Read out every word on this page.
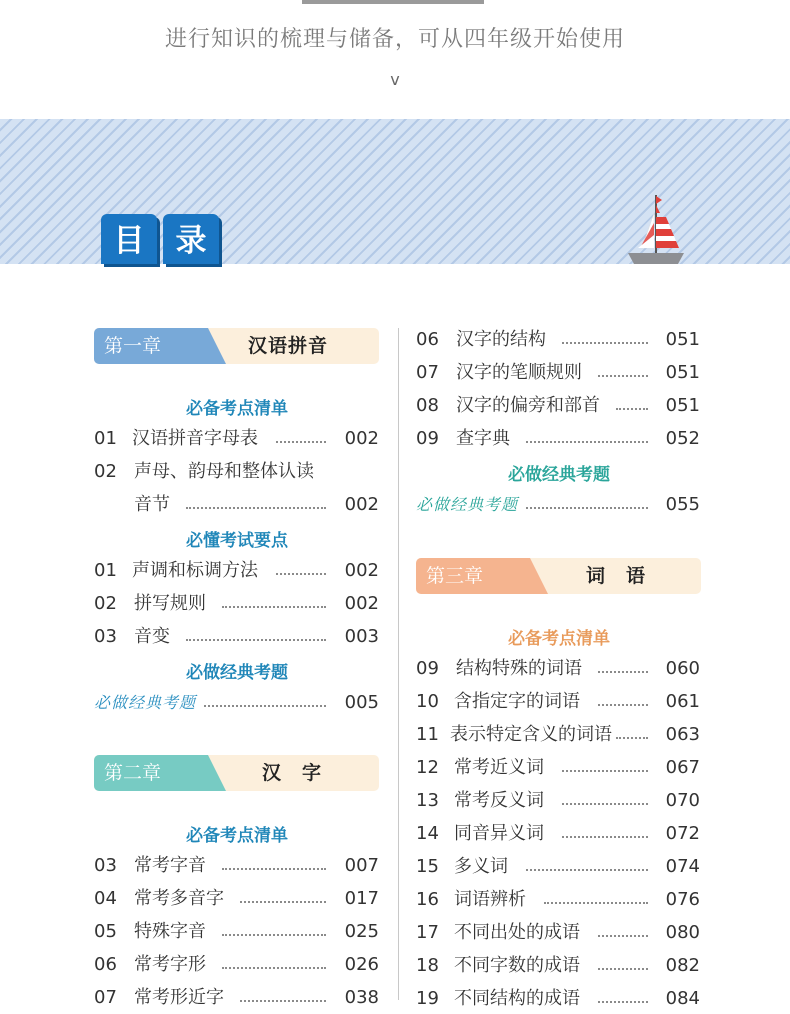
进行知识的梳理与储备，可从四年级开始使用
v
目	录
第一章	汉语拼音
必备考点清单
01 汉语拼音字母表	002
02 声母、韵母和整体认读
音节	002
必懂考试要点
01 声调和标调方法	002
02 拼写规则	002
03 音变	003
必做经典考题
必做经典考题	005
第二章	汉　字
必备考点清单
03 常考字音	007
04 常考多音字	017
05 特殊字音	025
06 常考字形	026
07 常考形近字	038
06 汉字的结构	051
07 汉字的笔顺规则	051
08 汉字的偏旁和部首	051
09 查字典	052
必做经典考题
必做经典考题	055
第三章	词　语
必备考点清单
09 结构特殊的词语	060
10 含指定字的词语	061
11 表示特定含义的词语	063
12 常考近义词	067
13 常考反义词	070
14 同音异义词	072
15 多义词	074
16 词语辨析	076
17 不同出处的成语	080
18 不同字数的成语	082
19 不同结构的成语	084
